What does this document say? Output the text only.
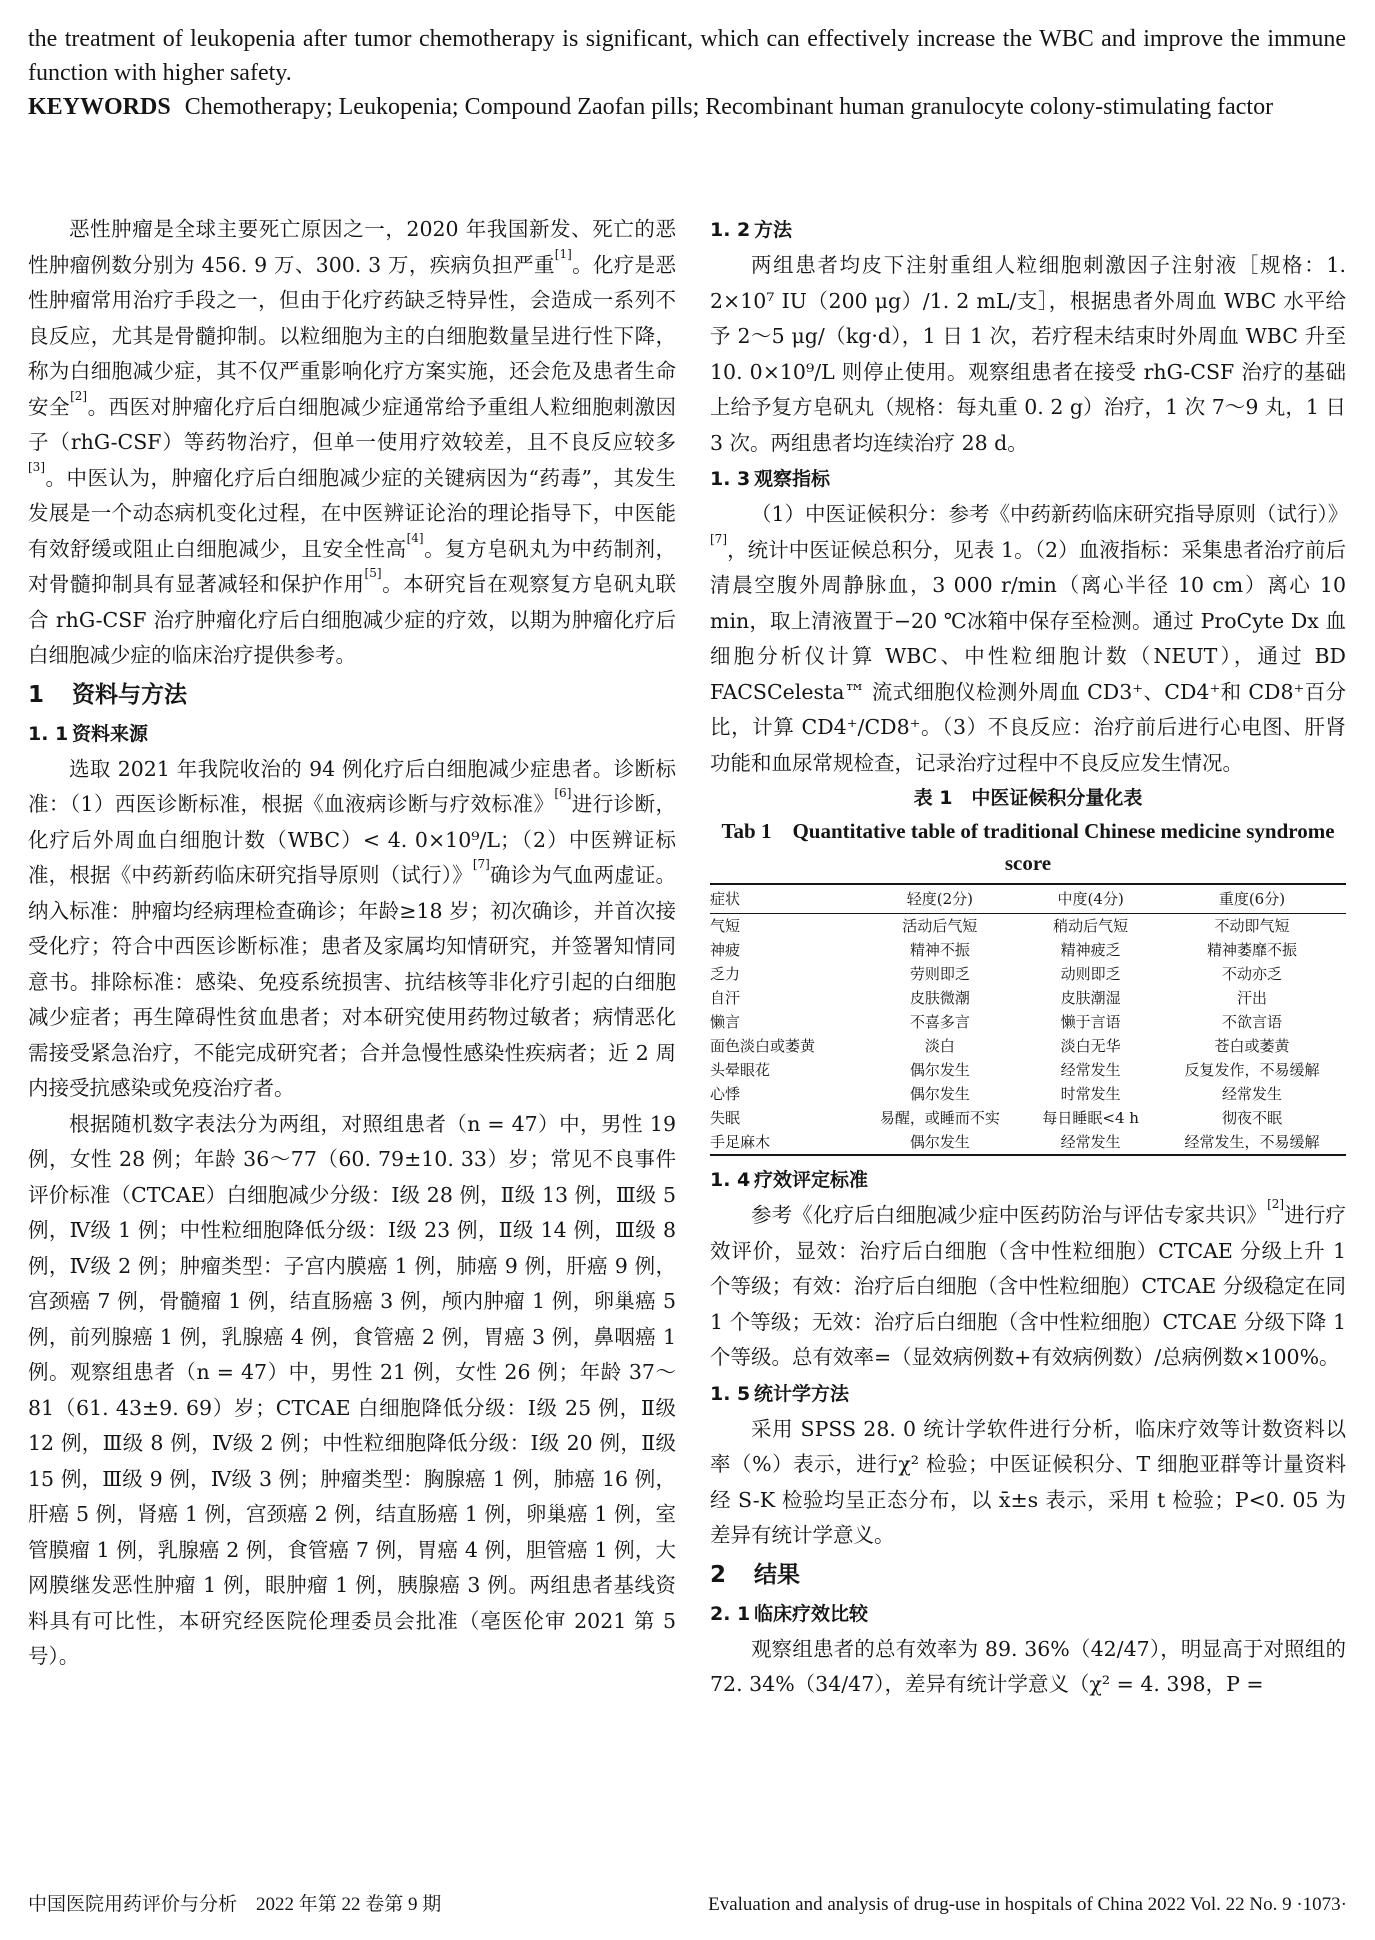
the treatment of leukopenia after tumor chemotherapy is significant, which can effectively increase the WBC and improve the immune function with higher safety.

KEYWORDS Chemotherapy; Leukopenia; Compound Zaofan pills; Recombinant human granulocyte colony-stimulating factor

恶性肿瘤是全球主要死亡原因之一，2020 年我国新发、死亡的恶性肿瘤例数分别为 456. 9 万、300. 3 万，疾病负担严重[1]。化疗是恶性肿瘤常用治疗手段之一，但由于化疗药缺乏特异性，会造成一系列不良反应，尤其是骨髓抑制。以粒细胞为主的白细胞数量呈进行性下降，称为白细胞减少症，其不仅严重影响化疗方案实施，还会危及患者生命安全[2]。西医对肿瘤化疗后白细胞减少症通常给予重组人粒细胞刺激因子（rhG-CSF）等药物治疗，但单一使用疗效较差，且不良反应较多[3]。中医认为，肿瘤化疗后白细胞减少症的关键病因为“药毒”，其发生发展是一个动态病机变化过程，在中医辨证论治的理论指导下，中医能有效舒缓或阻止白细胞减少，且安全性高[4]。复方皂矾丸为中药制剂，对骨髓抑制具有显著减轻和保护作用[5]。本研究旨在观察复方皂矾丸联合 rhG-CSF 治疗肿瘤化疗后白细胞减少症的疗效，以期为肿瘤化疗后白细胞减少症的临床治疗提供参考。

1 资料与方法
1. 1 资料来源

选取 2021 年我院收治的 94 例化疗后白细胞减少症患者。诊断标准：（1）西医诊断标准，根据《血液病诊断与疗效标准》[6]进行诊断，化疗后外周血白细胞计数（WBC）< 4. 0×10⁹/L；（2）中医辨证标准，根据《中药新药临床研究指导原则（试行）》[7]确诊为气血两虚证。纳入标准：肿瘤均经病理检查确诊；年龄≥18 岁；初次确诊，并首次接受化疗；符合中西医诊断标准；患者及家属均知情研究，并签署知情同意书。排除标准：感染、免疫系统损害、抗结核等非化疗引起的白细胞减少症者；再生障碍性贫血患者；对本研究使用药物过敏者；病情恶化需接受紧急治疗，不能完成研究者；合并急慢性感染性疾病者；近 2 周内接受抗感染或免疫治疗者。

根据随机数字表法分为两组，对照组患者（n = 47）中，男性 19 例，女性 28 例；年龄 36～77（60. 79±10. 33）岁；常见不良事件评价标准（CTCAE）白细胞减少分级：Ⅰ级 28 例，Ⅱ级 13 例，Ⅲ级 5 例，Ⅳ级 1 例；中性粒细胞降低分级：Ⅰ级 23 例，Ⅱ级 14 例，Ⅲ级 8 例，Ⅳ级 2 例；肿瘤类型：子宫内膜癌 1 例，肺癌 9 例，肝癌 9 例，宫颈癌 7 例，骨髓瘤 1 例，结直肠癌 3 例，颅内肿瘤 1 例，卵巢癌 5 例，前列腺癌 1 例，乳腺癌 4 例，食管癌 2 例，胃癌 3 例，鼻咽癌 1 例。观察组患者（n = 47）中，男性 21 例，女性 26 例；年龄 37～81（61. 43±9. 69）岁；CTCAE 白细胞降低分级：Ⅰ级 25 例，Ⅱ级 12 例，Ⅲ级 8 例，Ⅳ级 2 例；中性粒细胞降低分级：Ⅰ级 20 例，Ⅱ级 15 例，Ⅲ级 9 例，Ⅳ级 3 例；肿瘤类型：胸腺癌 1 例，肺癌 16 例，肝癌 5 例，肾癌 1 例，宫颈癌 2 例，结直肠癌 1 例，卵巢癌 1 例，室管膜瘤 1 例，乳腺癌 2 例，食管癌 7 例，胃癌 4 例，胆管癌 1 例，大网膜继发恶性肿瘤 1 例，眼肿瘤 1 例，胰腺癌 3 例。两组患者基线资料具有可比性，本研究经医院伦理委员会批准（亳医伦审 2021 第 5 号）。

1. 2 方法

两组患者均皮下注射重组人粒细胞刺激因子注射液［规格：1. 2×10⁷ IU（200 μg）/1. 2 mL/支］，根据患者外周血 WBC 水平给予 2～5 μg/（kg·d），1 日 1 次，若疗程未结束时外周血 WBC 升至 10. 0×10⁹/L 则停止使用。观察组患者在接受 rhG-CSF 治疗的基础上给予复方皂矾丸（规格：每丸重 0. 2 g）治疗，1 次 7～9 丸，1 日 3 次。两组患者均连续治疗 28 d。

1. 3 观察指标

（1）中医证候积分：参考《中药新药临床研究指导原则（试行）》[7]，统计中医证候总积分，见表 1。（2）血液指标：采集患者治疗前后清晨空腹外周静脉血，3 000 r/min（离心半径 10 cm）离心 10 min，取上清液置于−20 ℃冰箱中保存至检测。通过 ProCyte Dx 血细胞分析仪计算 WBC、中性粒细胞计数（NEUT），通过 BD FACSCelesta™ 流式细胞仪检测外周血 CD3⁺、CD4⁺和 CD8⁺百分比，计算 CD4⁺/CD8⁺。（3）不良反应：治疗前后进行心电图、肝肾功能和血尿常规检查，记录治疗过程中不良反应发生情况。

表 1　中医证候积分量化表
Tab 1　Quantitative table of traditional Chinese medicine syndrome score
症状	轻度(2分)	中度(4分)	重度(6分)
气短	活动后气短	稍动后气短	不动即气短
神疲	精神不振	精神疲乏	精神萎靡不振
乏力	劳则即乏	动则即乏	不动亦乏
自汗	皮肤微潮	皮肤潮湿	汗出
懒言	不喜多言	懒于言语	不欲言语
面色淡白或萎黄	淡白	淡白无华	苍白或萎黄
头晕眼花	偶尔发生	经常发生	反复发作，不易缓解
心悸	偶尔发生	时常发生	经常发生
失眠	易醒，或睡而不实	每日睡眠<4 h	彻夜不眠
手足麻木	偶尔发生	经常发生	经常发生，不易缓解
1. 4 疗效评定标准

参考《化疗后白细胞减少症中医药防治与评估专家共识》[2]进行疗效评价，显效：治疗后白细胞（含中性粒细胞）CTCAE 分级上升 1 个等级；有效：治疗后白细胞（含中性粒细胞）CTCAE 分级稳定在同 1 个等级；无效：治疗后白细胞（含中性粒细胞）CTCAE 分级下降 1 个等级。总有效率=（显效病例数+有效病例数）/总病例数×100%。

1. 5 统计学方法

采用 SPSS 28. 0 统计学软件进行分析，临床疗效等计数资料以率（%）表示，进行χ² 检验；中医证候积分、T 细胞亚群等计量资料经 S-K 检验均呈正态分布，以 x̄±s 表示，采用 t 检验；P<0. 05 为差异有统计学意义。

2 结果
2. 1 临床疗效比较

观察组患者的总有效率为 89. 36%（42/47），明显高于对照组的 72. 34%（34/47），差异有统计学意义（χ² = 4. 398，P =

中国医院用药评价与分析　2022 年第 22 卷第 9 期	Evaluation and analysis of drug-use in hospitals of China 2022 Vol. 22 No. 9 ·1073·
